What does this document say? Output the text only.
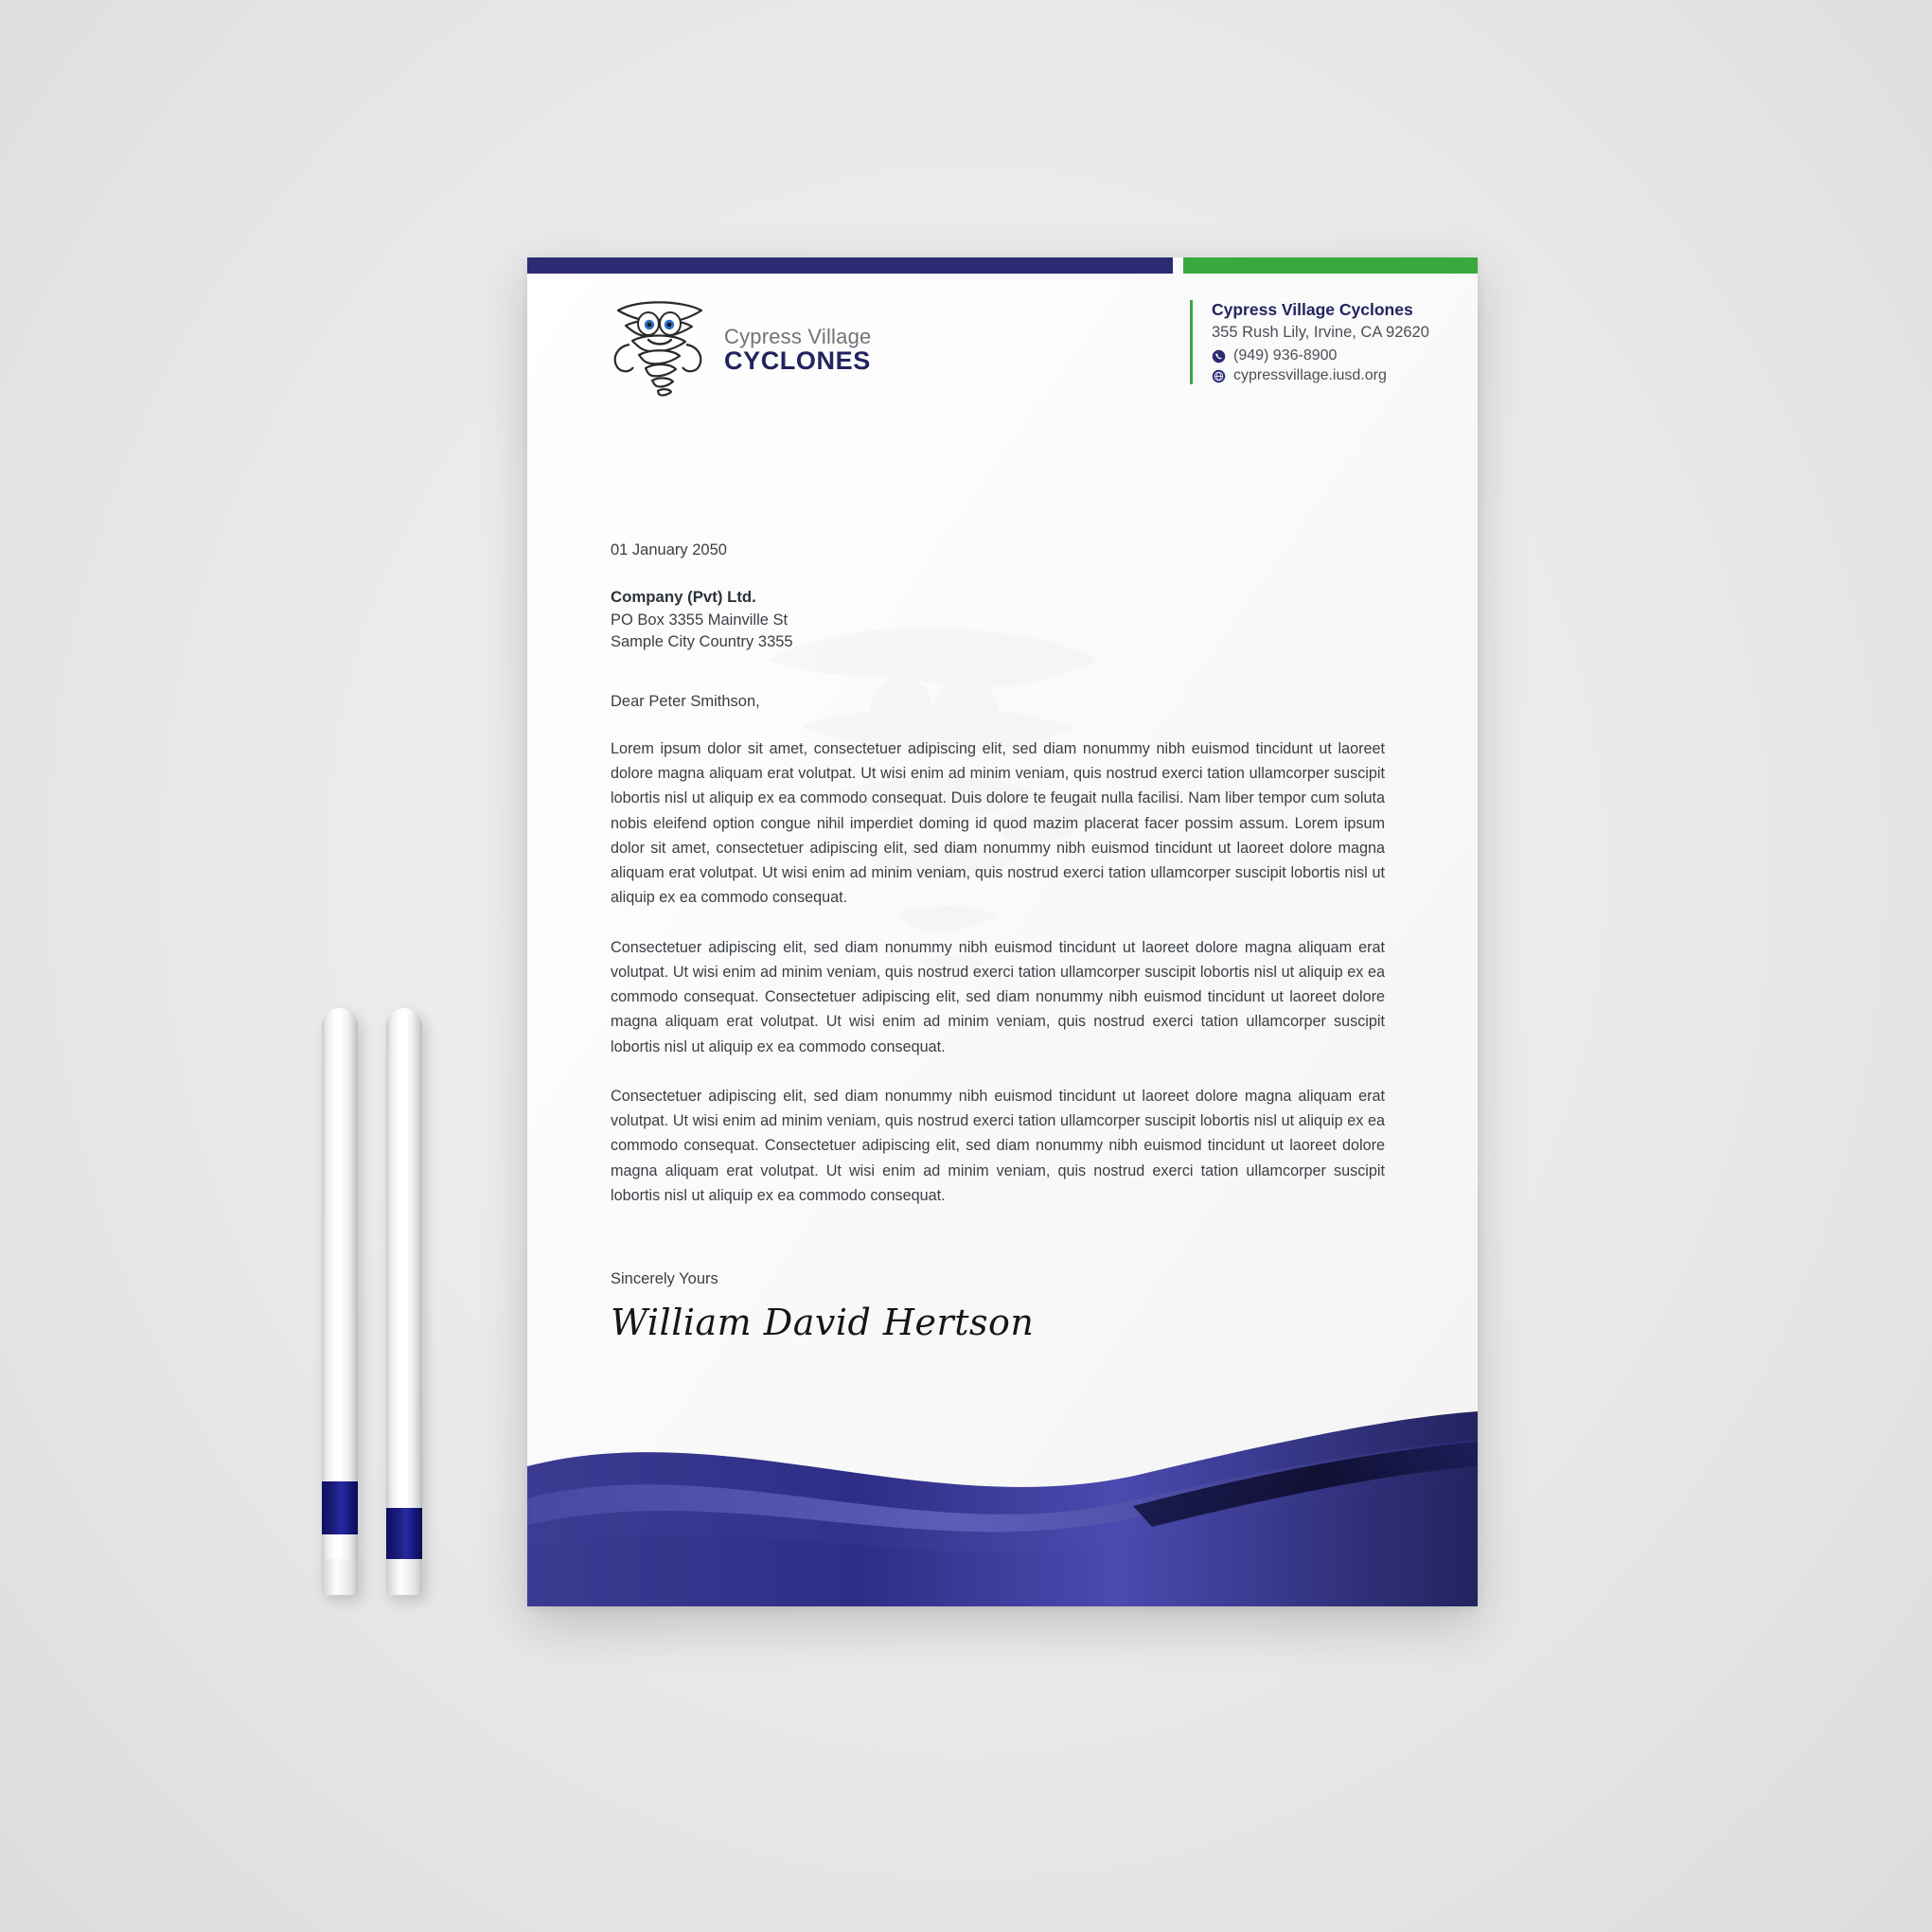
Cypress Village
CYCLONES
Cypress Village Cyclones
355 Rush Lily, Irvine, CA 92620
(949) 936-8900
cypressvillage.iusd.org
01 January 2050
Company (Pvt) Ltd.
PO Box 3355 Mainville St
Sample City Country 3355
Dear Peter Smithson,

Lorem ipsum dolor sit amet, consectetuer adipiscing elit, sed diam nonummy nibh euismod tincidunt ut laoreet dolore magna aliquam erat volutpat. Ut wisi enim ad minim veniam, quis nostrud exerci tation ullamcorper suscipit lobortis nisl ut aliquip ex ea commodo consequat. Duis dolore te feugait nulla facilisi. Nam liber tempor cum soluta nobis eleifend option congue nihil imperdiet doming id quod mazim placerat facer possim assum. Lorem ipsum dolor sit amet, consectetuer adipiscing elit, sed diam nonummy nibh euismod tincidunt ut laoreet dolore magna aliquam erat volutpat. Ut wisi enim ad minim veniam, quis nostrud exerci tation ullamcorper suscipit lobortis nisl ut aliquip ex ea commodo consequat.

Consectetuer adipiscing elit, sed diam nonummy nibh euismod tincidunt ut laoreet dolore magna aliquam erat volutpat. Ut wisi enim ad minim veniam, quis nostrud exerci tation ullamcorper suscipit lobortis nisl ut aliquip ex ea commodo consequat. Consectetuer adipiscing elit, sed diam nonummy nibh euismod tincidunt ut laoreet dolore magna aliquam erat volutpat. Ut wisi enim ad minim veniam, quis nostrud exerci tation ullamcorper suscipit lobortis nisl ut aliquip ex ea commodo consequat.

Consectetuer adipiscing elit, sed diam nonummy nibh euismod tincidunt ut laoreet dolore magna aliquam erat volutpat. Ut wisi enim ad minim veniam, quis nostrud exerci tation ullamcorper suscipit lobortis nisl ut aliquip ex ea commodo consequat. Consectetuer adipiscing elit, sed diam nonummy nibh euismod tincidunt ut laoreet dolore magna aliquam erat volutpat. Ut wisi enim ad minim veniam, quis nostrud exerci tation ullamcorper suscipit lobortis nisl ut aliquip ex ea commodo consequat.

Sincerely Yours
William David Hertson
